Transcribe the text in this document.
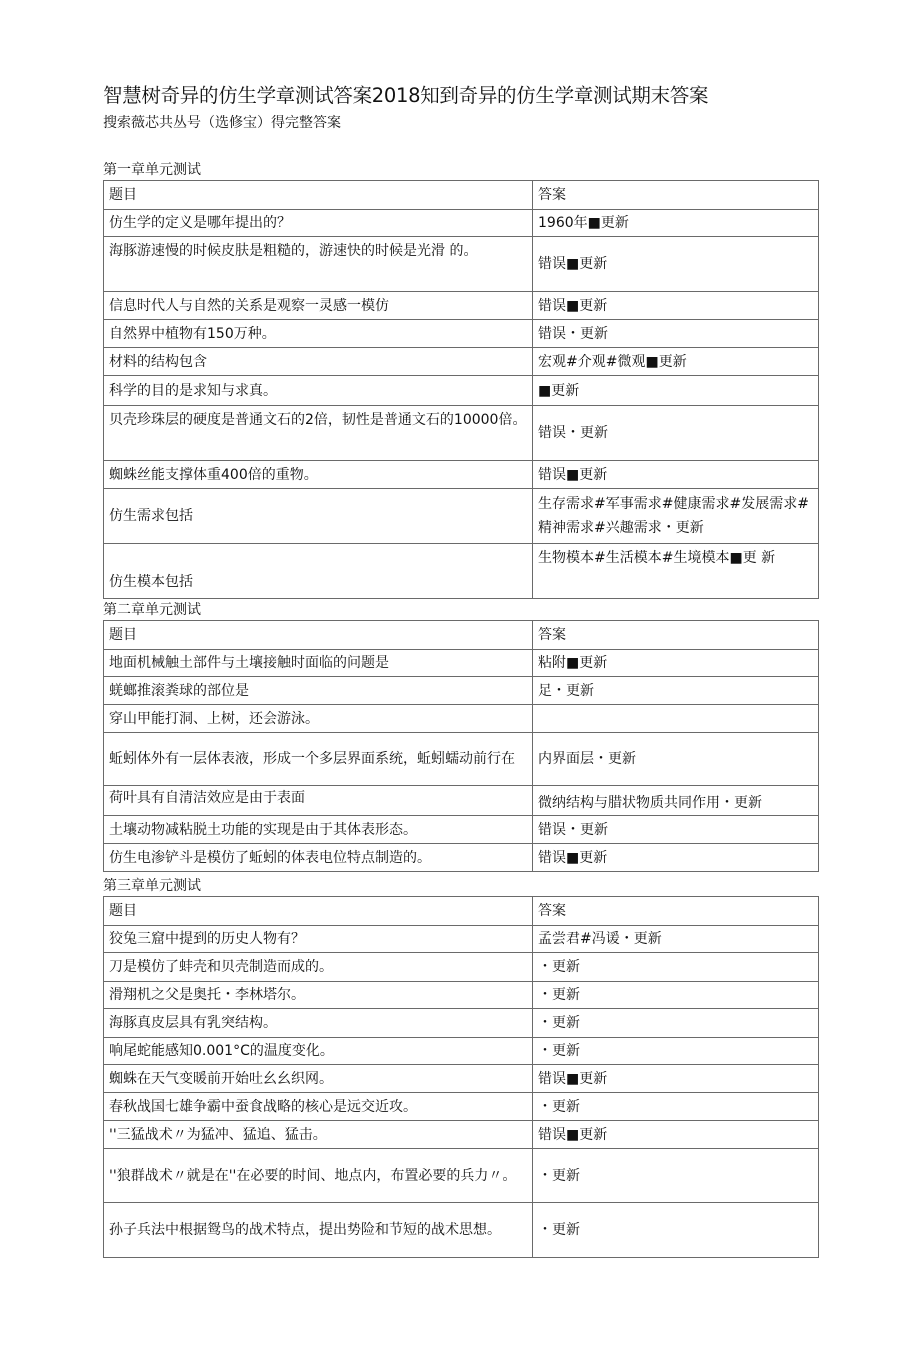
智慧树奇异的仿生学章测试答案2018知到奇异的仿生学章测试期末答案
搜索薇芯共丛号（选修宝）得完整答案
第一章单元测试
题目	答案
仿生学的定义是哪年提出的？	1960年■更新
海豚游速慢的时候皮肤是粗糙的，游速快的时候是光滑 的。	错误■更新
信息时代人与自然的关系是观察一灵感一模仿	错误■更新
自然界中植物有150万种。	错误・更新
材料的结构包含	宏观#介观#微观■更新
科学的目的是求知与求真。	■更新
贝壳珍珠层的硬度是普通文石的2倍，韧性是普通文石的10000倍。	错误・更新
蜘蛛丝能支撑体重400倍的重物。	错误■更新
仿生需求包括	生存需求#军事需求#健康需求#发展需求#精神需求#兴趣需求・更新
仿生模本包括	生物模本#生活模本#生境模本■更 新
第二章单元测试
题目	答案
地面机械触土部件与土壤接触时面临的问题是	粘附■更新
蜣螂推滚粪球的部位是	足・更新
穿山甲能打洞、上树，还会游泳。	
蚯蚓体外有一层体表液，形成一个多层界面系统，蚯蚓蠕动前行在	内界面层・更新
荷叶具有自清洁效应是由于表面	微纳结构与腊状物质共同作用・更新
土壤动物减粘脱土功能的实现是由于其体表形态。	错误・更新
仿生电渗铲斗是模仿了蚯蚓的体表电位特点制造的。	错误■更新
第三章单元测试
题目	答案
狡兔三窟中提到的历史人物有？	孟尝君#冯谖・更新
刀是模仿了蚌壳和贝壳制造而成的。	・更新
滑翔机之父是奥托・李林塔尔。	・更新
海豚真皮层具有乳突结构。	・更新
响尾蛇能感知0.001°C的温度变化。	・更新
蜘蛛在天气变暖前开始吐幺幺织网。	错误■更新
春秋战国七雄争霸中蚕食战略的核心是远交近攻。	・更新
''三猛战术〃为猛冲、猛追、猛击。	错误■更新
''狼群战术〃就是在''在必要的时间、地点内，布置必要的兵力〃。	・更新
孙子兵法中根据鸳鸟的战术特点，提出势险和节短的战术思想。	・更新
